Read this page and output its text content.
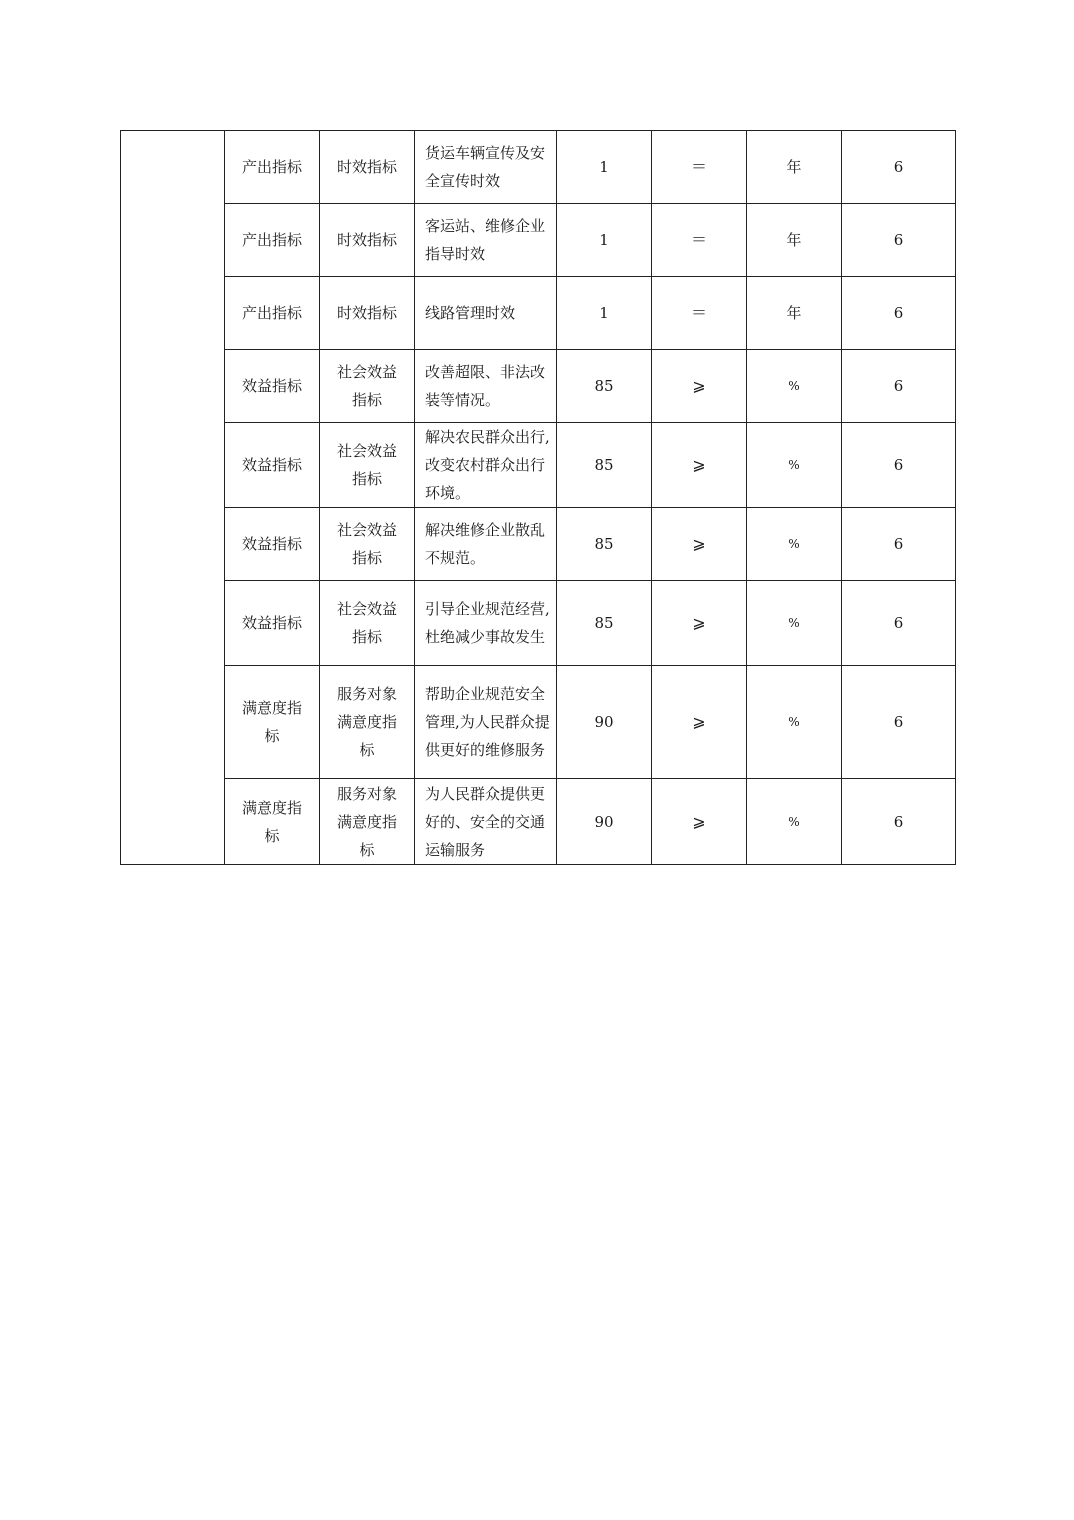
	产出指标	时效指标	货运车辆宣传及安全宣传时效	1	＝	年	6
	产出指标	时效指标	客运站、维修企业指导时效	1	＝	年	6
	产出指标	时效指标	线路管理时效	1	＝	年	6
	效益指标	社会效益指标	改善超限、非法改装等情况。	85	⩾	%	6
	效益指标	社会效益指标	解决农民群众出行,改变农村群众出行环境。	85	⩾	%	6
	效益指标	社会效益指标	解决维修企业散乱不规范。	85	⩾	%	6
	效益指标	社会效益指标	引导企业规范经营,杜绝减少事故发生	85	⩾	%	6
	满意度指标	服务对象满意度指标	帮助企业规范安全管理,为人民群众提供更好的维修服务	90	⩾	%	6
	满意度指标	服务对象满意度指标	为人民群众提供更好的、安全的交通运输服务	90	⩾	%	6
